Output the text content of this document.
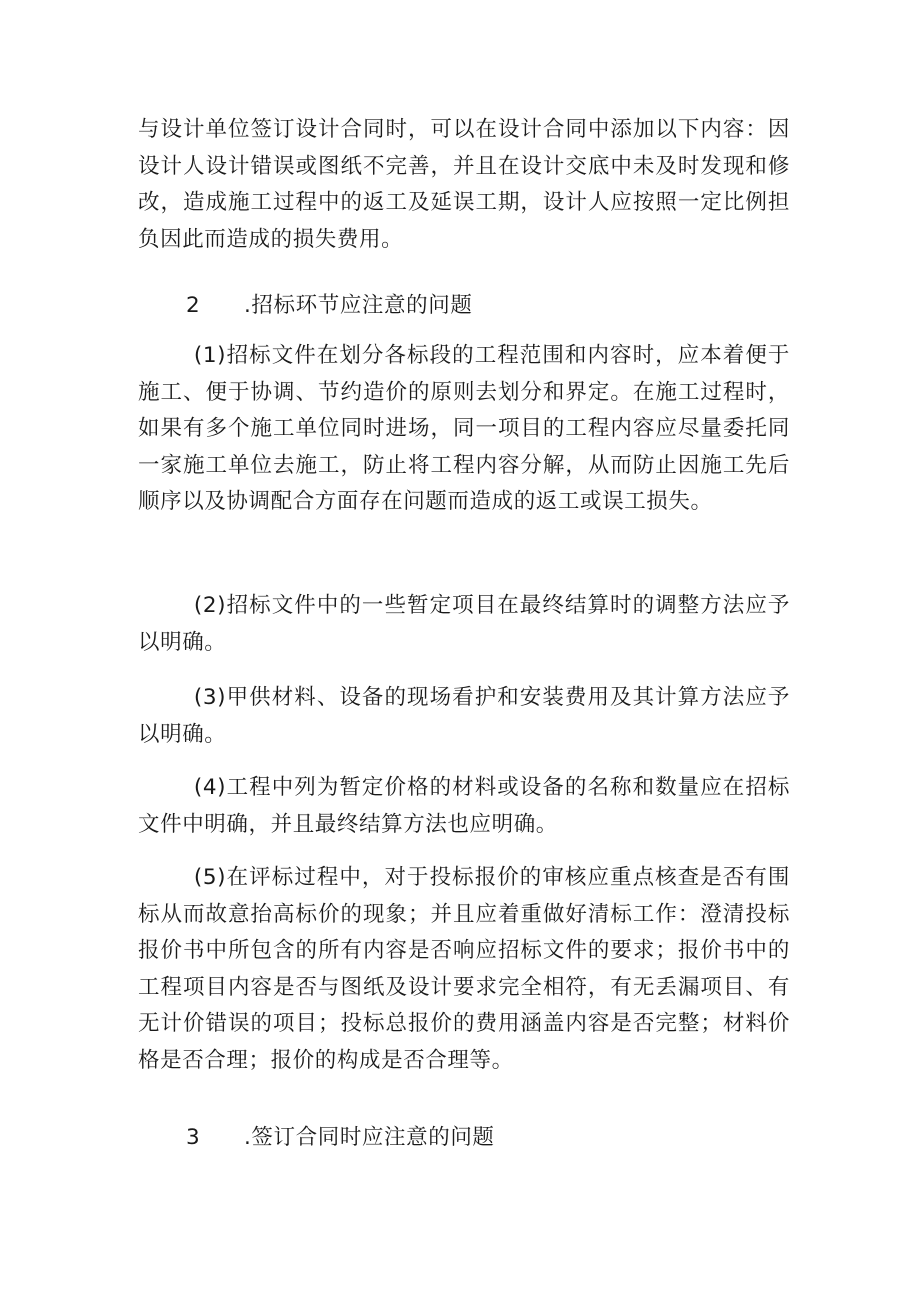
与设计单位签订设计合同时，可以在设计合同中添加以下内容：因设计人设计错误或图纸不完善，并且在设计交底中未及时发现和修改，造成施工过程中的返工及延误工期，设计人应按照一定比例担负因此而造成的损失费用。

2 .招标环节应注意的问题

(1)招标文件在划分各标段的工程范围和内容时，应本着便于施工、便于协调、节约造价的原则去划分和界定。在施工过程时，如果有多个施工单位同时进场，同一项目的工程内容应尽量委托同一家施工单位去施工，防止将工程内容分解，从而防止因施工先后顺序以及协调配合方面存在问题而造成的返工或误工损失。

(2)招标文件中的一些暂定项目在最终结算时的调整方法应予以明确。

(3)甲供材料、设备的现场看护和安装费用及其计算方法应予以明确。

(4)工程中列为暂定价格的材料或设备的名称和数量应在招标文件中明确，并且最终结算方法也应明确。

(5)在评标过程中，对于投标报价的审核应重点核查是否有围标从而故意抬高标价的现象；并且应着重做好清标工作：澄清投标报价书中所包含的所有内容是否响应招标文件的要求；报价书中的工程项目内容是否与图纸及设计要求完全相符，有无丢漏项目、有无计价错误的项目；投标总报价的费用涵盖内容是否完整；材料价格是否合理；报价的构成是否合理等。

3 .签订合同时应注意的问题
